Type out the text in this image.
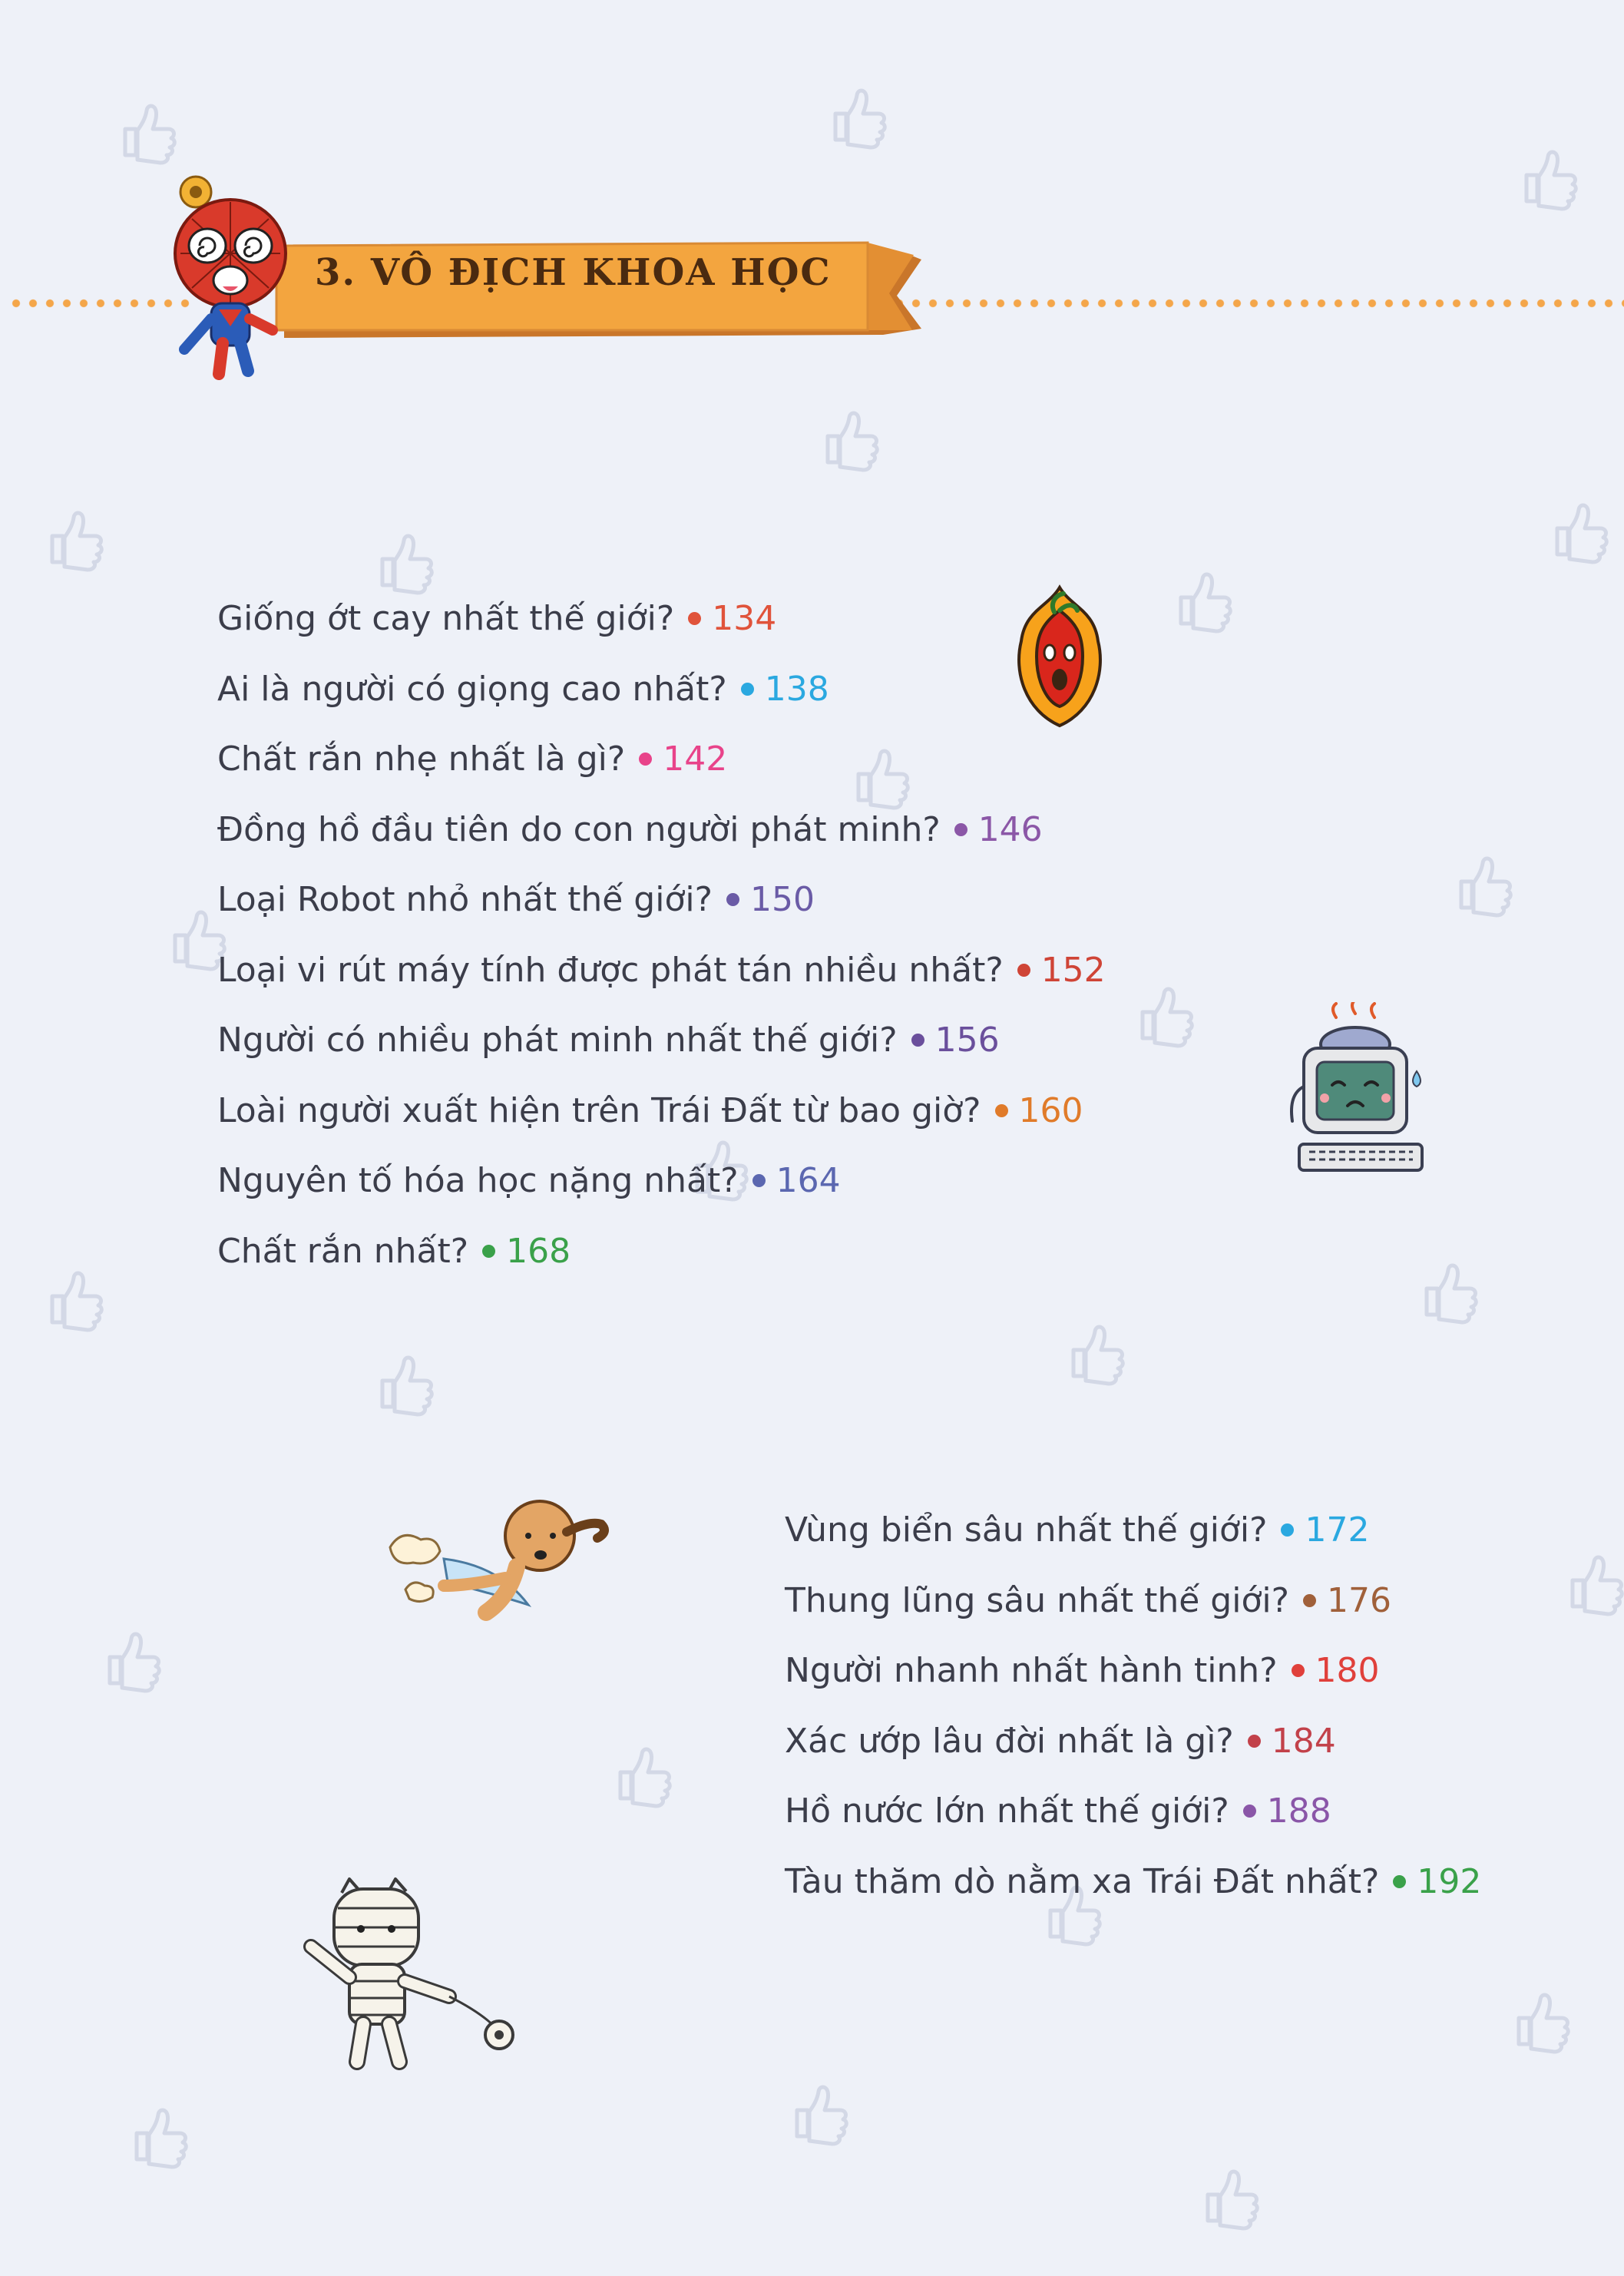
3. VÔ ĐỊCH KHOA HỌC
Giống ớt cay nhất thế giới? 134
Ai là người có giọng cao nhất? 138
Chất rắn nhẹ nhất là gì? 142
Đồng hồ đầu tiên do con người phát minh? 146
Loại Robot nhỏ nhất thế giới? 150
Loại vi rút máy tính được phát tán nhiều nhất? 152
Người có nhiều phát minh nhất thế giới? 156
Loài người xuất hiện trên Trái Đất từ bao giờ? 160
Nguyên tố hóa học nặng nhất? 164
Chất rắn nhất? 168
Vùng biển sâu nhất thế giới? 172
Thung lũng sâu nhất thế giới? 176
Người nhanh nhất hành tinh? 180
Xác ướp lâu đời nhất là gì? 184
Hồ nước lớn nhất thế giới? 188
Tàu thăm dò nằm xa Trái Đất nhất? 192
